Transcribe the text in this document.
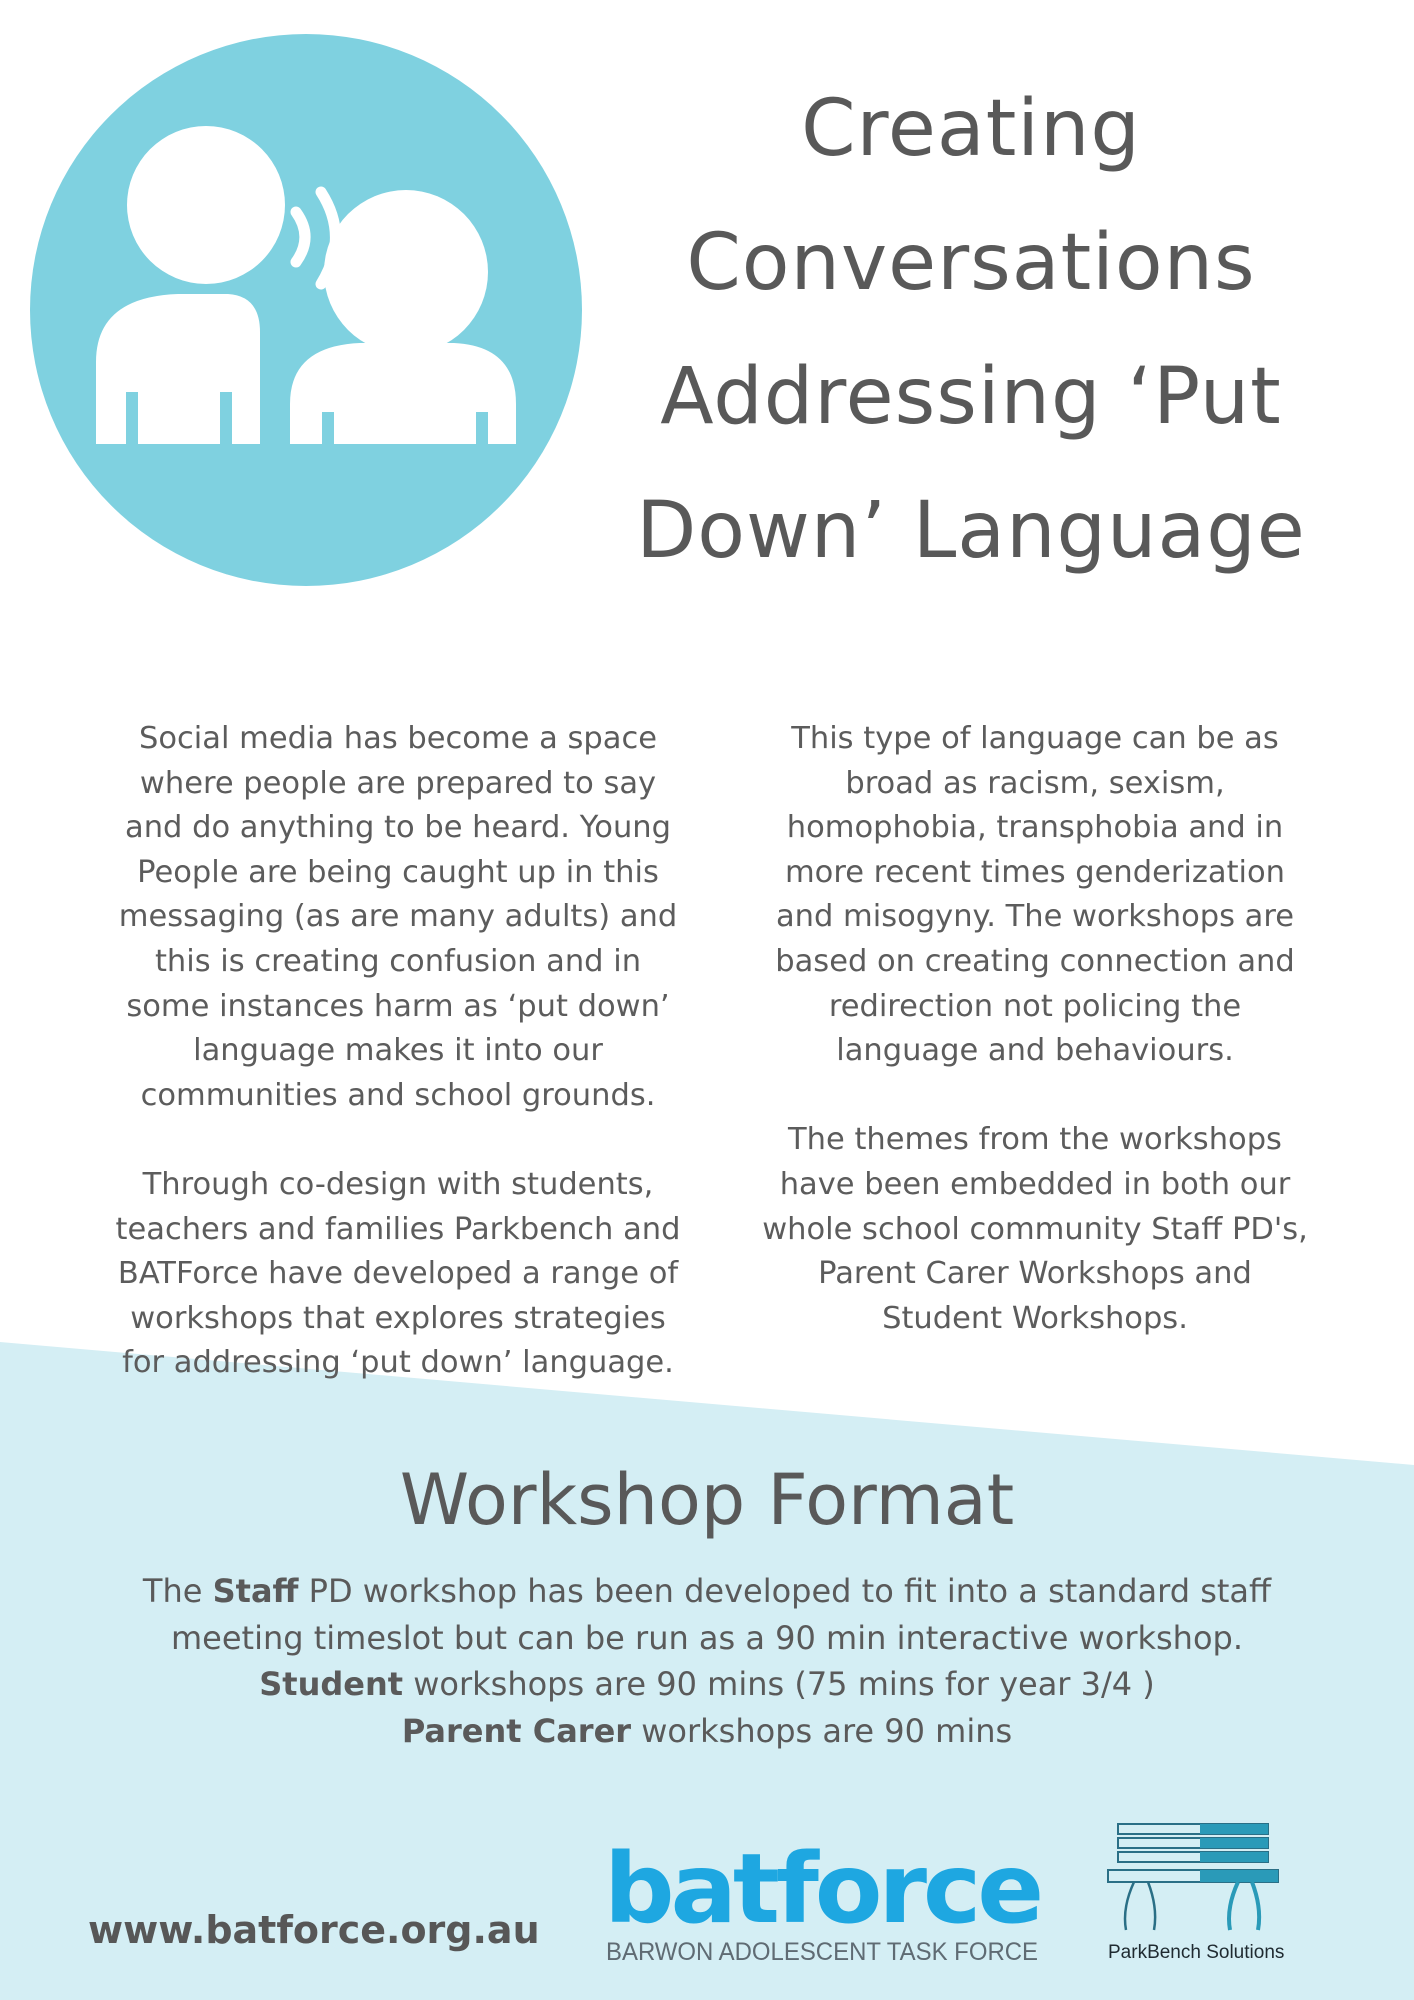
Creating
Conversations
Addressing ‘Put
Down’ Language

Social media has become a space
where people are prepared to say
and do anything to be heard. Young
People are being caught up in this
messaging (as are many adults) and
this is creating confusion and in
some instances harm as ‘put down’
language makes it into our
communities and school grounds.

Through co-design with students,
teachers and families Parkbench and
BATForce have developed a range of
workshops that explores strategies
for addressing ‘put down’ language.

This type of language can be as
broad as racism, sexism,
homophobia, transphobia and in
more recent times genderization
and misogyny. The workshops are
based on creating connection and
redirection not policing the
language and behaviours.

The themes from the workshops
have been embedded in both our
whole school community Staff PD's,
Parent Carer Workshops and
Student Workshops.

Workshop Format
The Staff PD workshop has been developed to fit into a standard staff
meeting timeslot but can be run as a 90 min interactive workshop.
Student workshops are 90 mins (75 mins for year 3/4 )
Parent Carer workshops are 90 mins
www.batforce.org.au batforce
BARWON ADOLESCENT TASK FORCE	ParkBench Solutions
